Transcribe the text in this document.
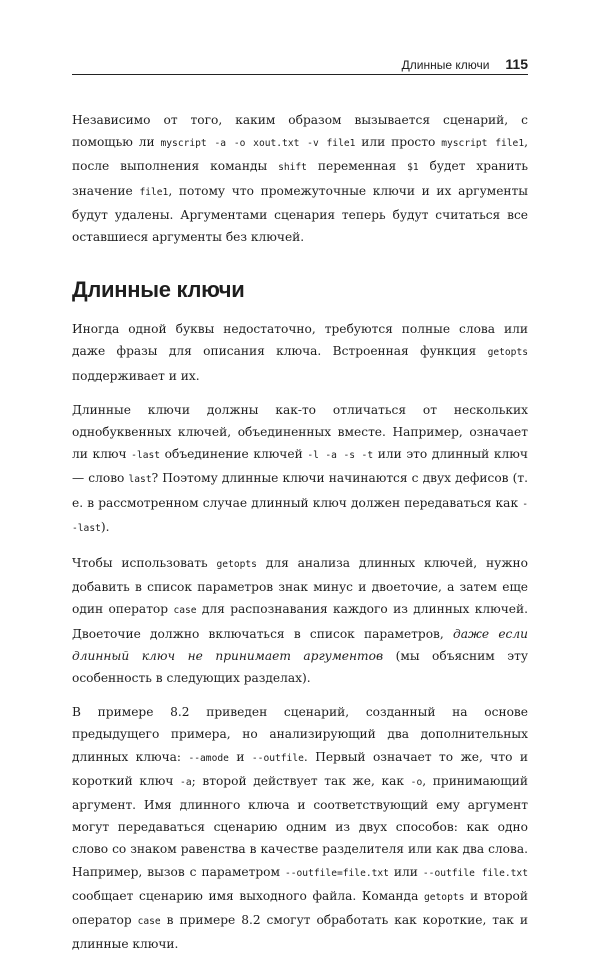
Длинные ключи 115

Независимо от того, каким образом вызывается сценарий, с помощью ли myscript -a -o xout.txt -v file1 или просто myscript file1, после выполнения команды shift переменная $1 будет хранить значение file1, потому что промежуточные ключи и их аргументы будут удалены. Аргументами сценария теперь будут считаться все оставшиеся аргументы без ключей.

Длинные ключи

Иногда одной буквы недостаточно, требуются полные слова или даже фразы для описания ключа. Встроенная функция getopts поддерживает и их.

Длинные ключи должны как-то отличаться от нескольких однобуквенных ключей, объединенных вместе. Например, означает ли ключ -last объединение ключей -l -a -s -t или это длинный ключ — слово last? Поэтому длинные ключи начинаются с двух дефисов (т. е. в рассмотренном случае длинный ключ должен передаваться как --last).

Чтобы использовать getopts для анализа длинных ключей, нужно добавить в список параметров знак минус и двоеточие, а затем еще один оператор case для распознавания каждого из длинных ключей. Двоеточие должно включаться в список параметров, даже если длинный ключ не принимает аргументов (мы объясним эту особенность в следующих разделах).

В примере 8.2 приведен сценарий, созданный на основе предыдущего примера, но анализирующий два дополнительных длинных ключа: --amode и --outfile. Первый означает то же, что и короткий ключ -a; второй действует так же, как -o, принимающий аргумент. Имя длинного ключа и соответствующий ему аргумент могут передаваться сценарию одним из двух способов: как одно слово со знаком равенства в качестве разделителя или как два слова. Например, вызов с параметром --outfile=file.txt или --outfile file.txt сообщает сценарию имя выходного файла. Команда getopts и второй оператор case в примере 8.2 смогут обработать как короткие, так и длинные ключи.
